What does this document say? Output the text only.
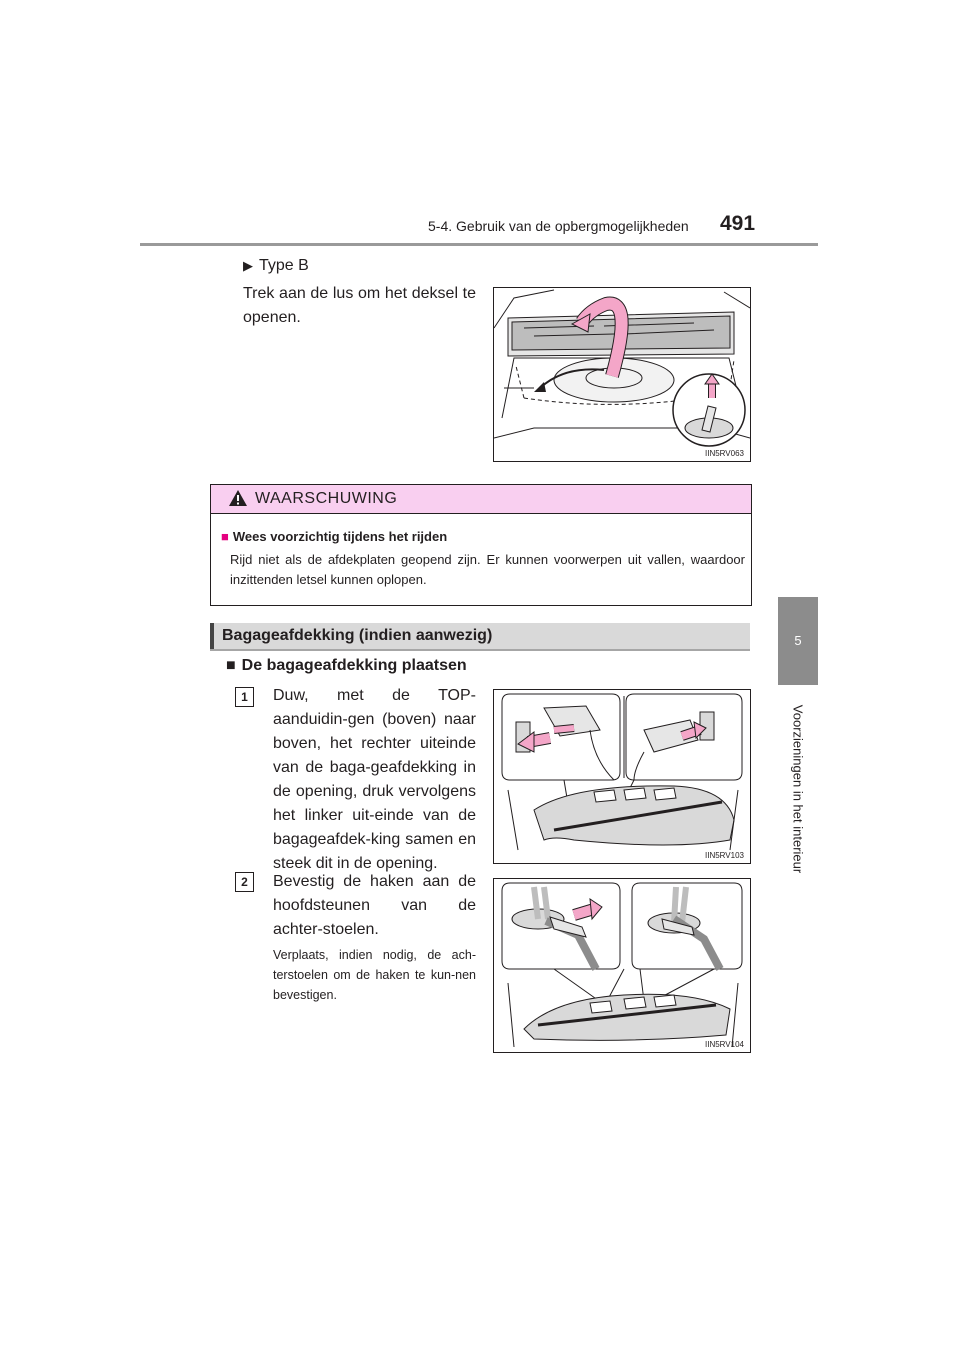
5-4. Gebruik van de opbergmogelijkheden 491
5
Voorzieningen in het interieur
▶ Type B
Trek aan de lus om het deksel te openen.
IIN5RV063
WAARSCHUWING
■ Wees voorzichtig tijdens het rijden
Rijd niet als de afdekplaten geopend zijn. Er kunnen voorwerpen uit vallen, waardoor inzittenden letsel kunnen oplopen.
Bagageafdekking (indien aanwezig)
■ De bagageafdekking plaatsen
1	Duw, met de TOP-aanduidin-gen (boven) naar boven, het rechter uiteinde van de baga-geafdekking in de opening, druk vervolgens het linker uit-einde van de bagageafdek-king samen en steek dit in de opening.	IIN5RV103
2	Bevestig de haken aan de hoofdsteunen van de achter-stoelen.
Verplaats, indien nodig, de ach-terstoelen om de haken te kun-nen bevestigen.
IIN5RV104
